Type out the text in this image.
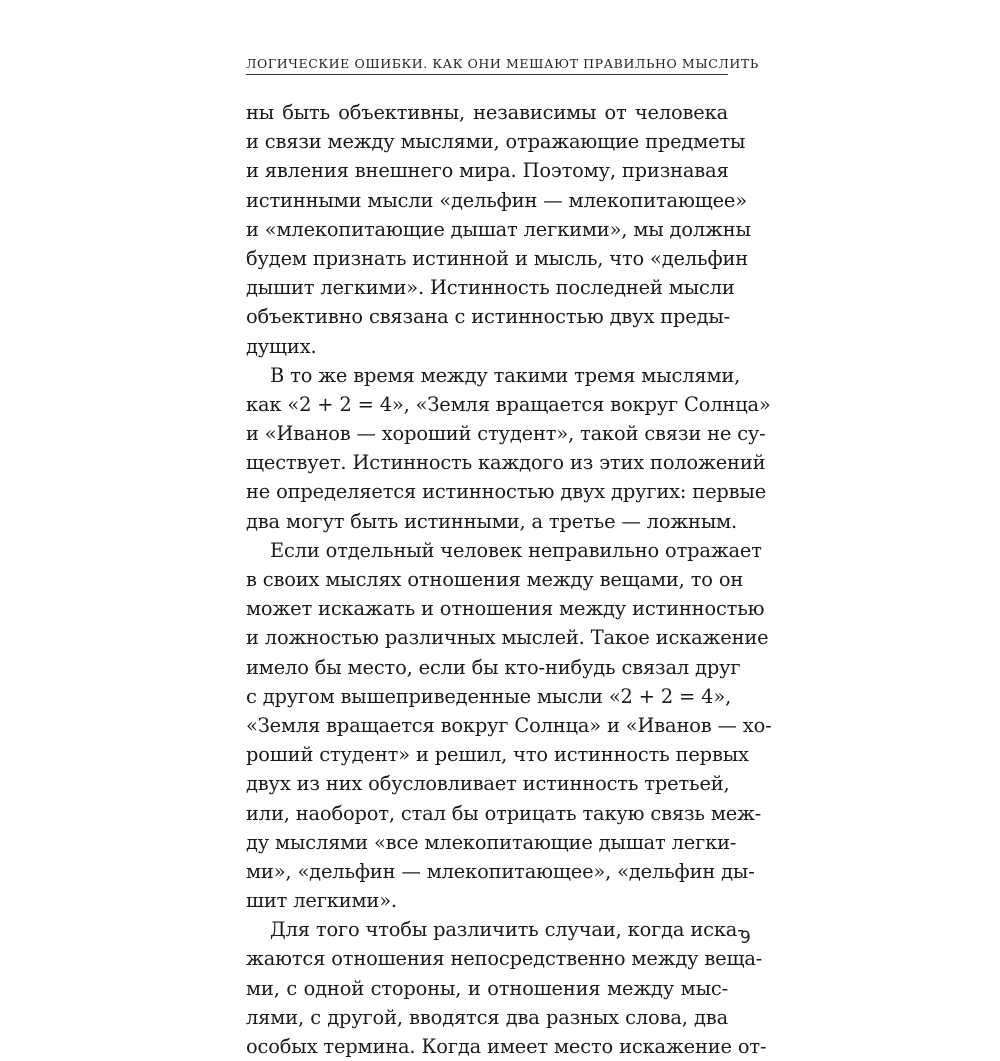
ЛОГИЧЕСКИЕ ОШИБКИ. КАК ОНИ МЕШАЮТ ПРАВИЛЬНО МЫСЛИТЬ
ны быть объективны, независимы от человека
и связи между мыслями, отражающие предметы
и явления внешнего мира. Поэтому, признавая
истинными мысли «дельфин — млекопитающее»
и «млекопитающие дышат легкими», мы должны
будем признать истинной и мысль, что «дельфин
дышит легкими». Истинность последней мысли
объективно связана с истинностью двух преды-
дущих.
В то же время между такими тремя мыслями,
как «2 + 2 = 4», «Земля вращается вокруг Солнца»
и «Иванов — хороший студент», такой связи не су-
ществует. Истинность каждого из этих положений
не определяется истинностью двух других: первые
два могут быть истинными, а третье — ложным.
Если отдельный человек неправильно отражает
в своих мыслях отношения между вещами, то он
может искажать и отношения между истинностью
и ложностью различных мыслей. Такое искажение
имело бы место, если бы кто-нибудь связал друг
с другом вышеприведенные мысли «2 + 2 = 4»,
«Земля вращается вокруг Солнца» и «Иванов — хо-
роший студент» и решил, что истинность первых
двух из них обусловливает истинность третьей,
или, наоборот, стал бы отрицать такую связь меж-
ду мыслями «все млекопитающие дышат легки-
ми», «дельфин — млекопитающее», «дельфин ды-
шит легкими».
Для того чтобы различить случаи, когда иска-
жаются отношения непосредственно между веща-
ми, с одной стороны, и отношения между мыс-
лями, с другой, вводятся два разных слова, два
особых термина. Когда имеет место искажение от-
9
